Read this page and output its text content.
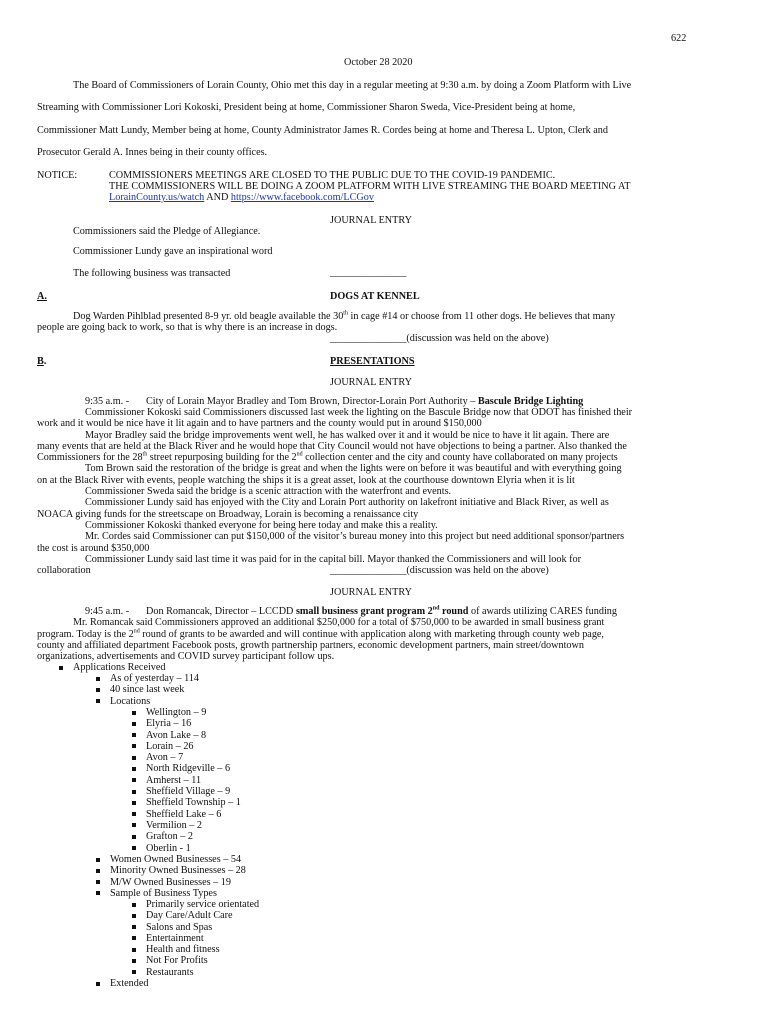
622
October 28 2020
The Board of Commissioners of Lorain County, Ohio met this day in a regular meeting at 9:30 a.m. by doing a Zoom Platform with Live
Streaming with Commissioner Lori Kokoski, President being at home, Commissioner Sharon Sweda, Vice-President being at home,
Commissioner Matt Lundy, Member being at home, County Administrator James R. Cordes being at home and Theresa L. Upton, Clerk and
Prosecutor Gerald A. Innes being in their county offices.
NOTICE:	COMMISSIONERS MEETINGS ARE CLOSED TO THE PUBLIC DUE TO THE COVID-19 PANDEMIC.
THE COMMISSIONERS WILL BE DOING A ZOOM PLATFORM WITH LIVE STREAMING THE BOARD MEETING AT
LorainCounty.us/watch AND https://www.facebook.com/LCGov
JOURNAL ENTRY
Commissioners said the Pledge of Allegiance.
Commissioner Lundy gave an inspirational word
The following business was transacted	_______________
A.	DOGS AT KENNEL
Dog Warden Pihlblad presented 8-9 yr. old beagle available the 30th in cage #14 or choose from 11 other dogs. He believes that many
people are going back to work, so that is why there is an increase in dogs.
_______________(discussion was held on the above)
B.	PRESENTATIONS
JOURNAL ENTRY
9:35 a.m. - City of Lorain Mayor Bradley and Tom Brown, Director-Lorain Port Authority – Bascule Bridge Lighting
Commissioner Kokoski said Commissioners discussed last week the lighting on the Bascule Bridge now that ODOT has finished their
work and it would be nice have it lit again and to have partners and the county would put in around $150,000
Mayor Bradley said the bridge improvements went well, he has walked over it and it would be nice to have it lit again. There are
many events that are held at the Black River and he would hope that City Council would not have objections to being a partner. Also thanked the
Commissioners for the 28th street repurposing building for the 2nd collection center and the city and county have collaborated on many projects
Tom Brown said the restoration of the bridge is great and when the lights were on before it was beautiful and with everything going
on at the Black River with events, people watching the ships it is a great asset, look at the courthouse downtown Elyria when it is lit
Commissioner Sweda said the bridge is a scenic attraction with the waterfront and events.
Commissioner Lundy said has enjoyed with the City and Lorain Port authority on lakefront initiative and Black River, as well as
NOACA giving funds for the streetscape on Broadway, Lorain is becoming a renaissance city
Commissioner Kokoski thanked everyone for being here today and make this a reality.
Mr. Cordes said Commissioner can put $150,000 of the visitor’s bureau money into this project but need additional sponsor/partners
the cost is around $350,000
Commissioner Lundy said last time it was paid for in the capital bill. Mayor thanked the Commissioners and will look for
collaboration	_______________(discussion was held on the above)
JOURNAL ENTRY
9:45 a.m. - Don Romancak, Director – LCCDD small business grant program 2nd round of awards utilizing CARES funding
Mr. Romancak said Commissioners approved an additional $250,000 for a total of $750,000 to be awarded in small business grant
program. Today is the 2nd round of grants to be awarded and will continue with application along with marketing through county web page,
county and affiliated department Facebook posts, growth partnership partners, economic development partners, main street/downtown
organizations, advertisements and COVID survey participant follow ups.
Applications Received
As of yesterday – 114
40 since last week
Locations
Wellington – 9
Elyria – 16
Avon Lake – 8
Lorain – 26
Avon – 7
North Ridgeville – 6
Amherst – 11
Sheffield Village – 9
Sheffield Township – 1
Sheffield Lake – 6
Vermilion – 2
Grafton – 2
Oberlin - 1
Women Owned Businesses – 54
Minority Owned Businesses – 28
M/W Owned Businesses – 19
Sample of Business Types
Primarily service orientated
Day Care/Adult Care
Salons and Spas
Entertainment
Health and fitness
Not For Profits
Restaurants
Extended
